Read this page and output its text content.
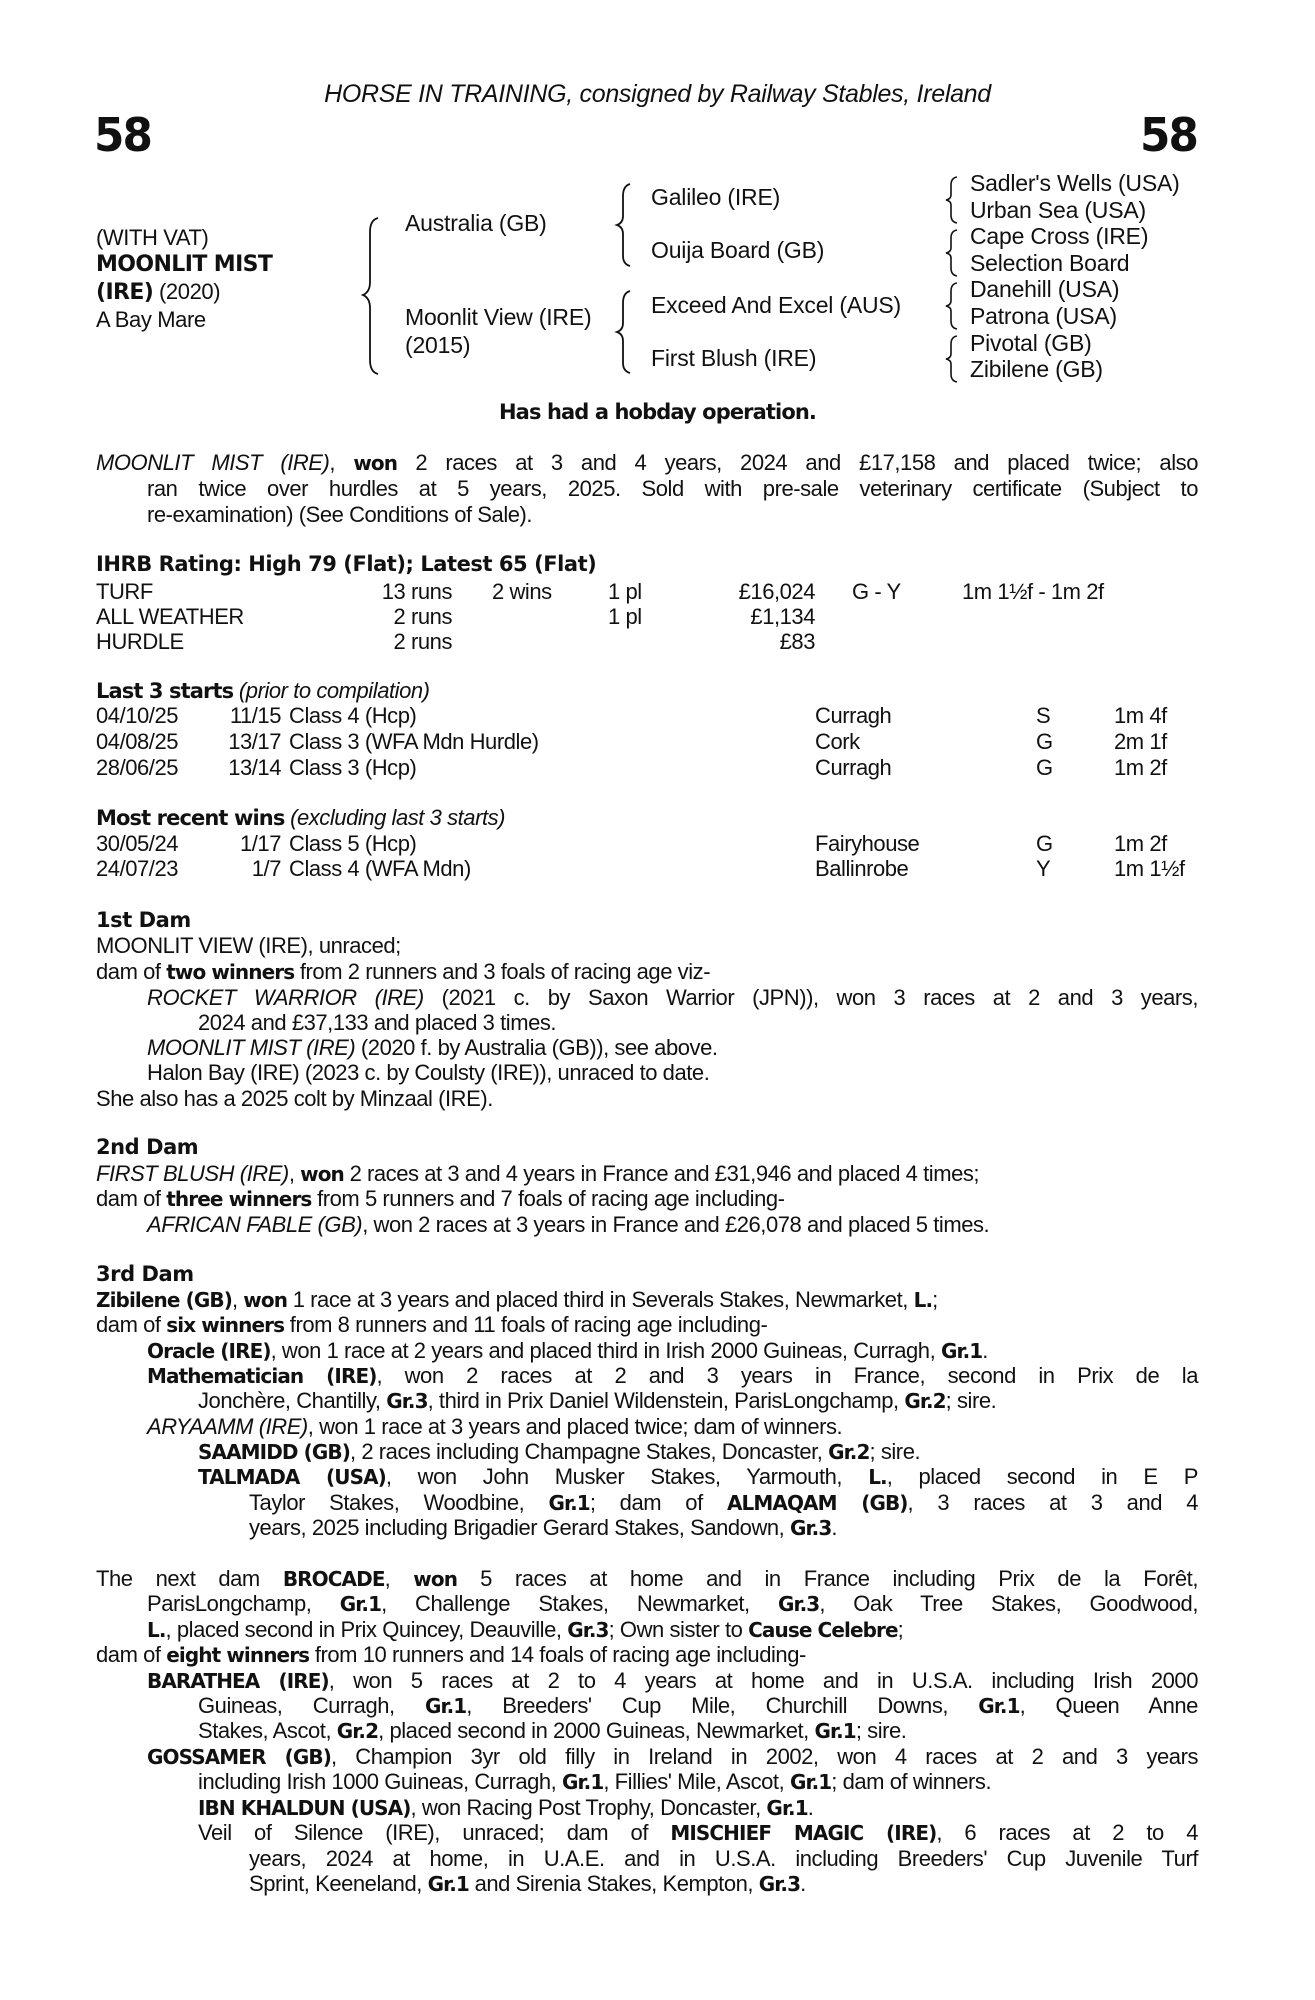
HORSE IN TRAINING, consigned by Railway Stables, Ireland
58	58
(WITH VAT)
MOONLIT MIST
(IRE) (2020)
A Bay Mare
Australia (GB)
Moonlit View (IRE)
(2015)
Galileo (IRE)
Ouija Board (GB)
Exceed And Excel (AUS)
First Blush (IRE)
Sadler's Wells (USA)
Urban Sea (USA)
Cape Cross (IRE)
Selection Board
Danehill (USA)
Patrona (USA)
Pivotal (GB)
Zibilene (GB)
Has had a hobday operation.
MOONLIT MIST (IRE), won 2 races at 3 and 4 years, 2024 and £17,158 and placed twice; also
ran twice over hurdles at 5 years, 2025. Sold with pre-sale veterinary certificate (Subject to
re-examination) (See Conditions of Sale).
IHRB Rating: High 79 (Flat); Latest 65 (Flat)
TURF	13 runs 2 wins	1 pl	£16,024 G - Y	1m 1½f - 1m 2f
ALL WEATHER	2 runs	1 pl	£1,134
HURDLE	2 runs	£83
Last 3 starts (prior to compilation)
04/10/25	11/15 Class 4 (Hcp)	Curragh	S	1m 4f
04/08/25	13/17 Class 3 (WFA Mdn Hurdle)	Cork	G	2m 1f
28/06/25	13/14 Class 3 (Hcp)	Curragh	G	1m 2f
Most recent wins (excluding last 3 starts)
30/05/24	1/17 Class 5 (Hcp)	Fairyhouse	G	1m 2f
24/07/23	1/7 Class 4 (WFA Mdn)	Ballinrobe	Y	1m 1½f
1st Dam
MOONLIT VIEW (IRE), unraced;
dam of two winners from 2 runners and 3 foals of racing age viz-
ROCKET WARRIOR (IRE) (2021 c. by Saxon Warrior (JPN)), won 3 races at 2 and 3 years,
2024 and £37,133 and placed 3 times.
MOONLIT MIST (IRE) (2020 f. by Australia (GB)), see above.
Halon Bay (IRE) (2023 c. by Coulsty (IRE)), unraced to date.
She also has a 2025 colt by Minzaal (IRE).
2nd Dam
FIRST BLUSH (IRE), won 2 races at 3 and 4 years in France and £31,946 and placed 4 times;
dam of three winners from 5 runners and 7 foals of racing age including-
AFRICAN FABLE (GB), won 2 races at 3 years in France and £26,078 and placed 5 times.
3rd Dam
Zibilene (GB), won 1 race at 3 years and placed third in Severals Stakes, Newmarket, L.;
dam of six winners from 8 runners and 11 foals of racing age including-
Oracle (IRE), won 1 race at 2 years and placed third in Irish 2000 Guineas, Curragh, Gr.1.
Mathematician (IRE), won 2 races at 2 and 3 years in France, second in Prix de la
Jonchère, Chantilly, Gr.3, third in Prix Daniel Wildenstein, ParisLongchamp, Gr.2; sire.
ARYAAMM (IRE), won 1 race at 3 years and placed twice; dam of winners.
SAAMIDD (GB), 2 races including Champagne Stakes, Doncaster, Gr.2; sire.
TALMADA (USA), won John Musker Stakes, Yarmouth, L., placed second in E P
Taylor Stakes, Woodbine, Gr.1; dam of ALMAQAM (GB), 3 races at 3 and 4
years, 2025 including Brigadier Gerard Stakes, Sandown, Gr.3.
The next dam BROCADE, won 5 races at home and in France including Prix de la Forêt,
ParisLongchamp, Gr.1, Challenge Stakes, Newmarket, Gr.3, Oak Tree Stakes, Goodwood,
L., placed second in Prix Quincey, Deauville, Gr.3; Own sister to Cause Celebre;
dam of eight winners from 10 runners and 14 foals of racing age including-
BARATHEA (IRE), won 5 races at 2 to 4 years at home and in U.S.A. including Irish 2000
Guineas, Curragh, Gr.1, Breeders' Cup Mile, Churchill Downs, Gr.1, Queen Anne
Stakes, Ascot, Gr.2, placed second in 2000 Guineas, Newmarket, Gr.1; sire.
GOSSAMER (GB), Champion 3yr old filly in Ireland in 2002, won 4 races at 2 and 3 years
including Irish 1000 Guineas, Curragh, Gr.1, Fillies' Mile, Ascot, Gr.1; dam of winners.
IBN KHALDUN (USA), won Racing Post Trophy, Doncaster, Gr.1.
Veil of Silence (IRE), unraced; dam of MISCHIEF MAGIC (IRE), 6 races at 2 to 4
years, 2024 at home, in U.A.E. and in U.S.A. including Breeders' Cup Juvenile Turf
Sprint, Keeneland, Gr.1 and Sirenia Stakes, Kempton, Gr.3.
